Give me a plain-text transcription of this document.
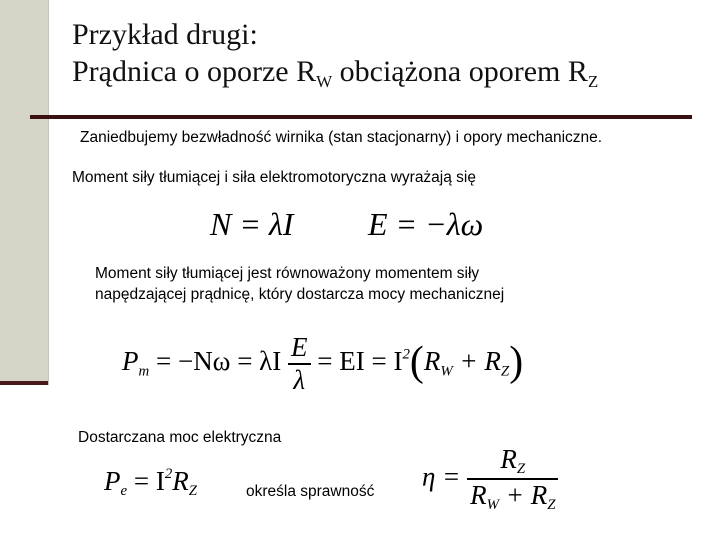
Przykład drugi:
Prądnica o oporze $R_W$ obciążona oporem $R_Z$
Zaniedbujemy bezwładność wirnika (stan stacjonarny) i opory mechaniczne.
Moment siły tłumiącej i siła elektromotoryczna wyrażają się
N = λI E = −λω
Moment siły tłumiącej jest równoważony momentem siły
napędzającej prądnicę, który dostarcza mocy mechanicznej
$P_m = -N\omega = \lambda I \frac{E}{\lambda}$ = EI = $I^2(R_W + R_Z)$
Dostarczana moc elektryczna
$P_e = I^2R_Z$	określa sprawność
$\eta = \frac{R_Z}{R_W + R_Z}$
